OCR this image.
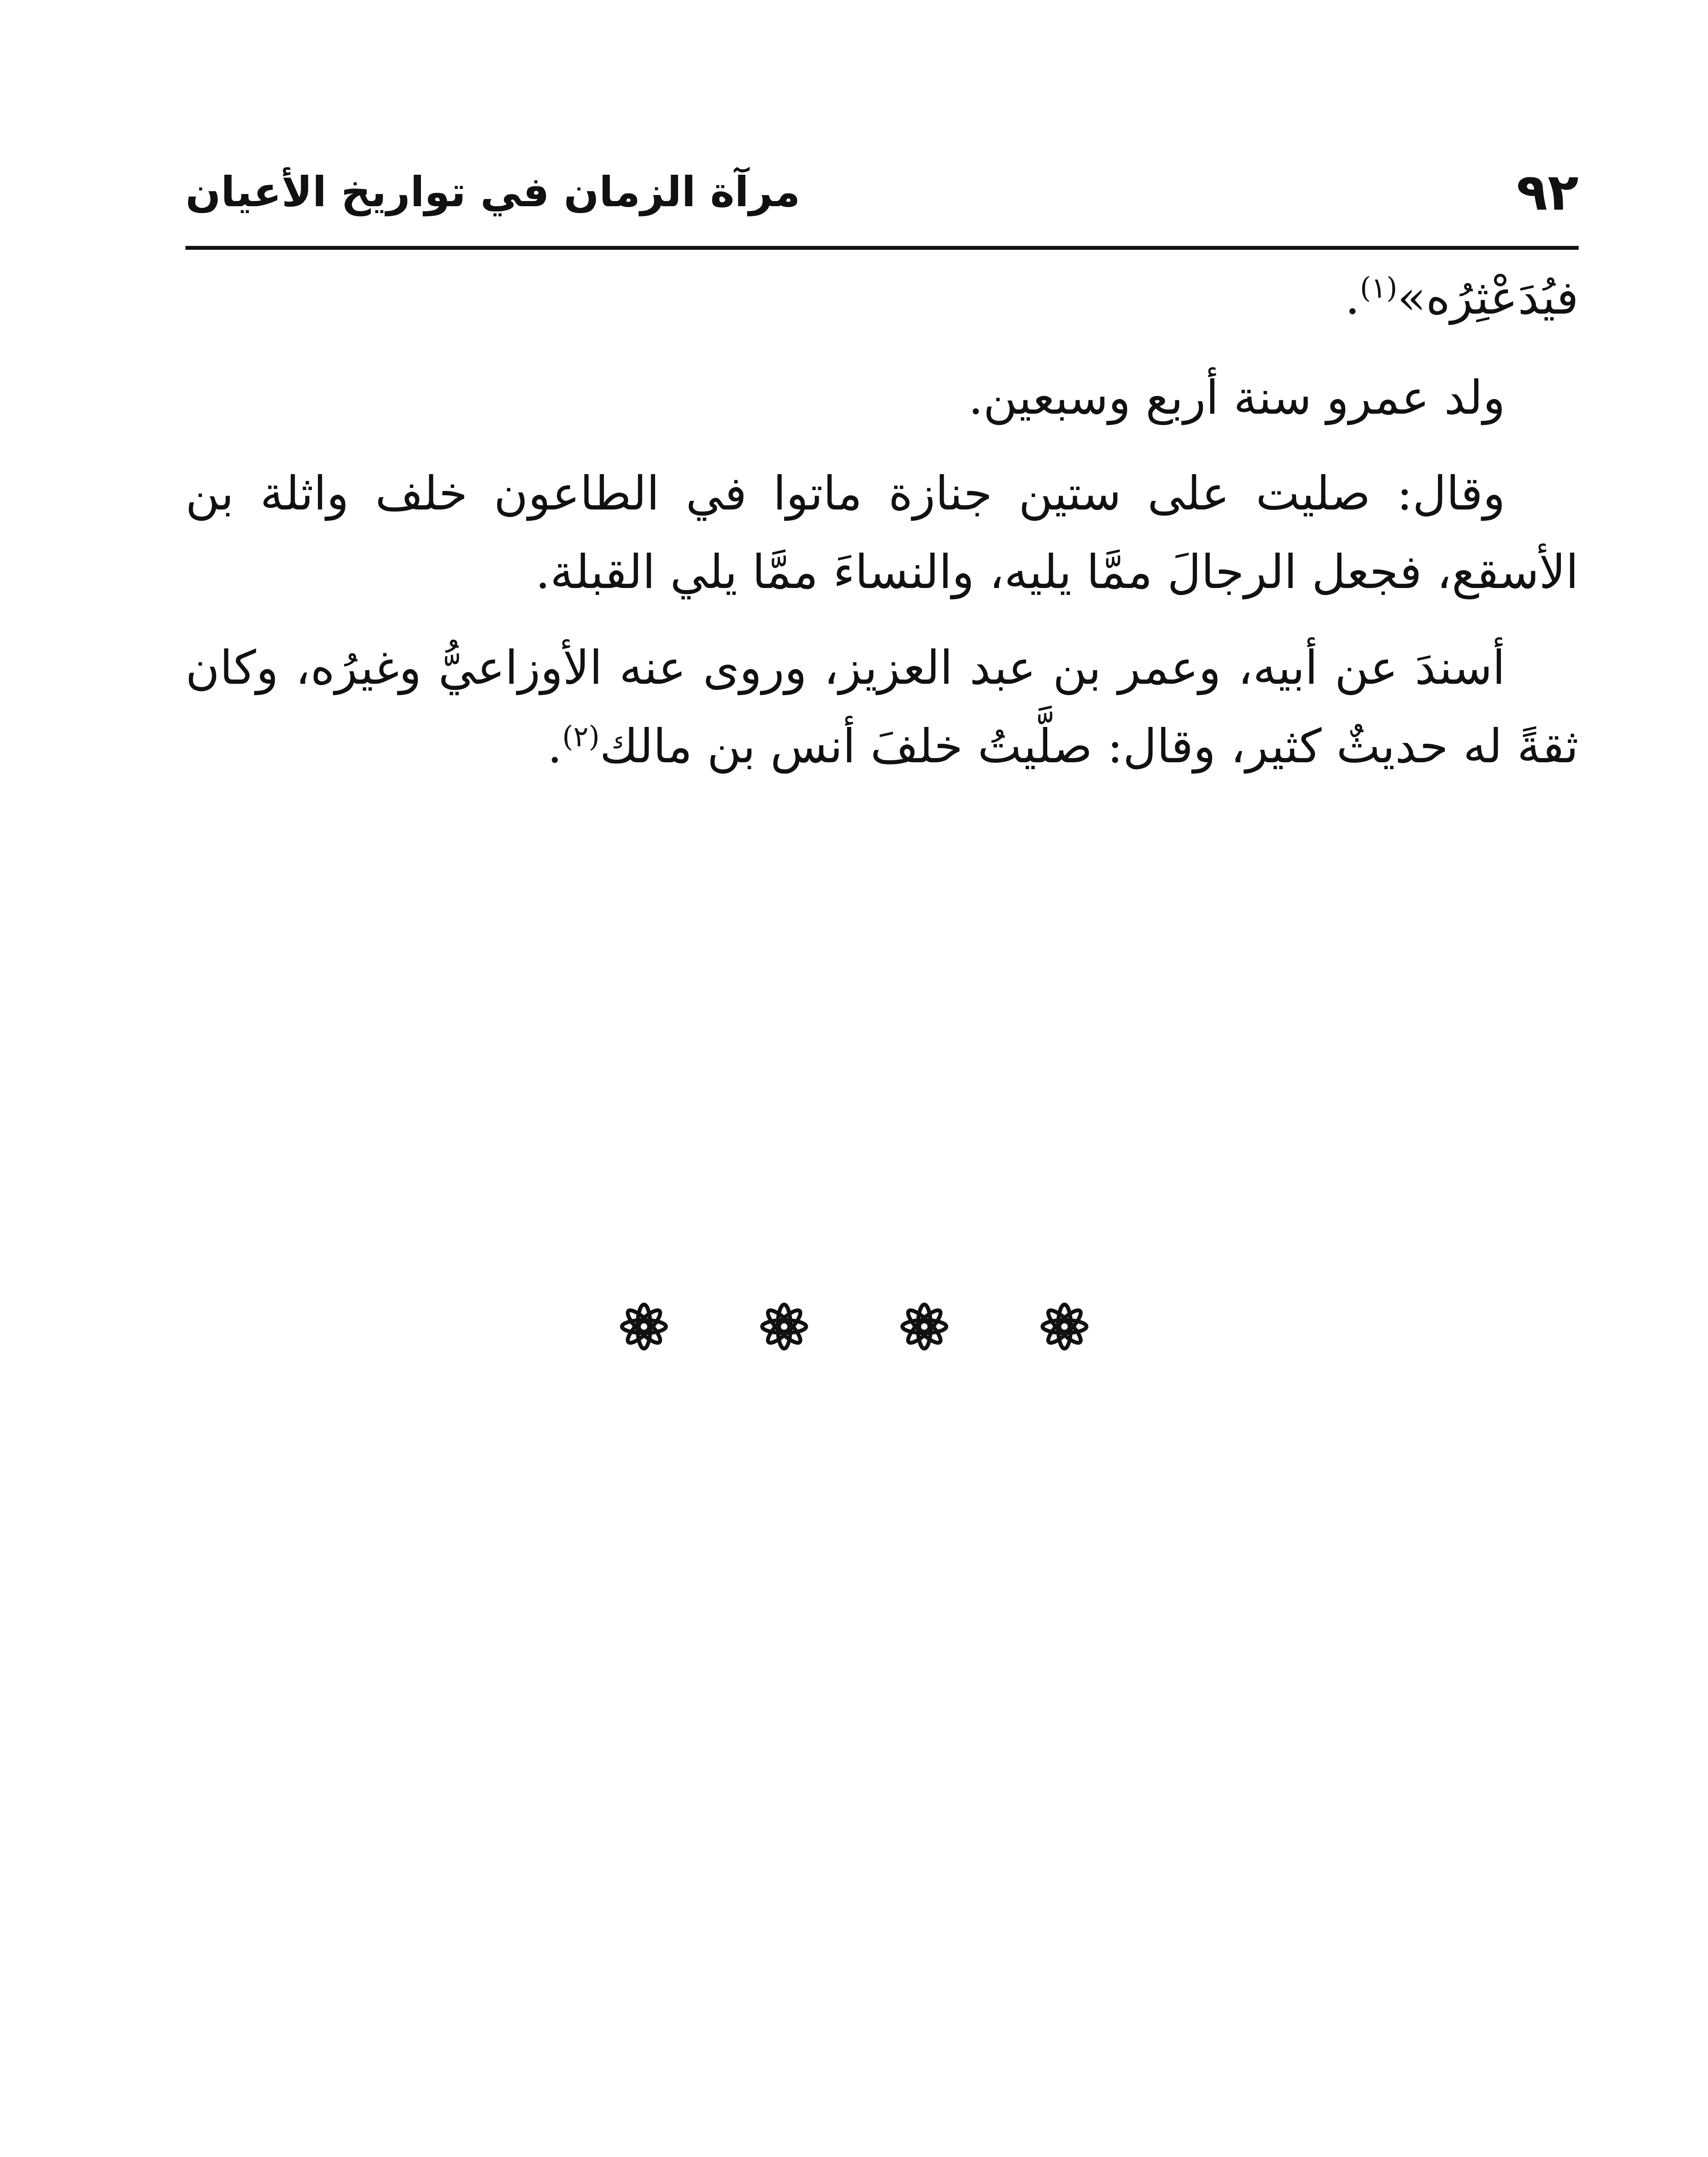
٩٢
مرآة الزمان في تواريخ الأعيان

فيُدَعْثِرُه»$^{(١)}$.

ولد عمرو سنة أربع وسبعين.

وقال: صليت على ستين جنازة ماتوا في الطاعون خلف واثلة بن الأسقع، فجعل الرجالَ ممَّا يليه، والنساءَ ممَّا يلي القبلة.

أسندَ عن أبيه، وعمر بن عبد العزيز، وروى عنه الأوزاعيُّ وغيرُه، وكان ثقةً له حديثٌ كثير، وقال: صلَّيتُ خلفَ أنس بن مالك$^{(٢)}$.
